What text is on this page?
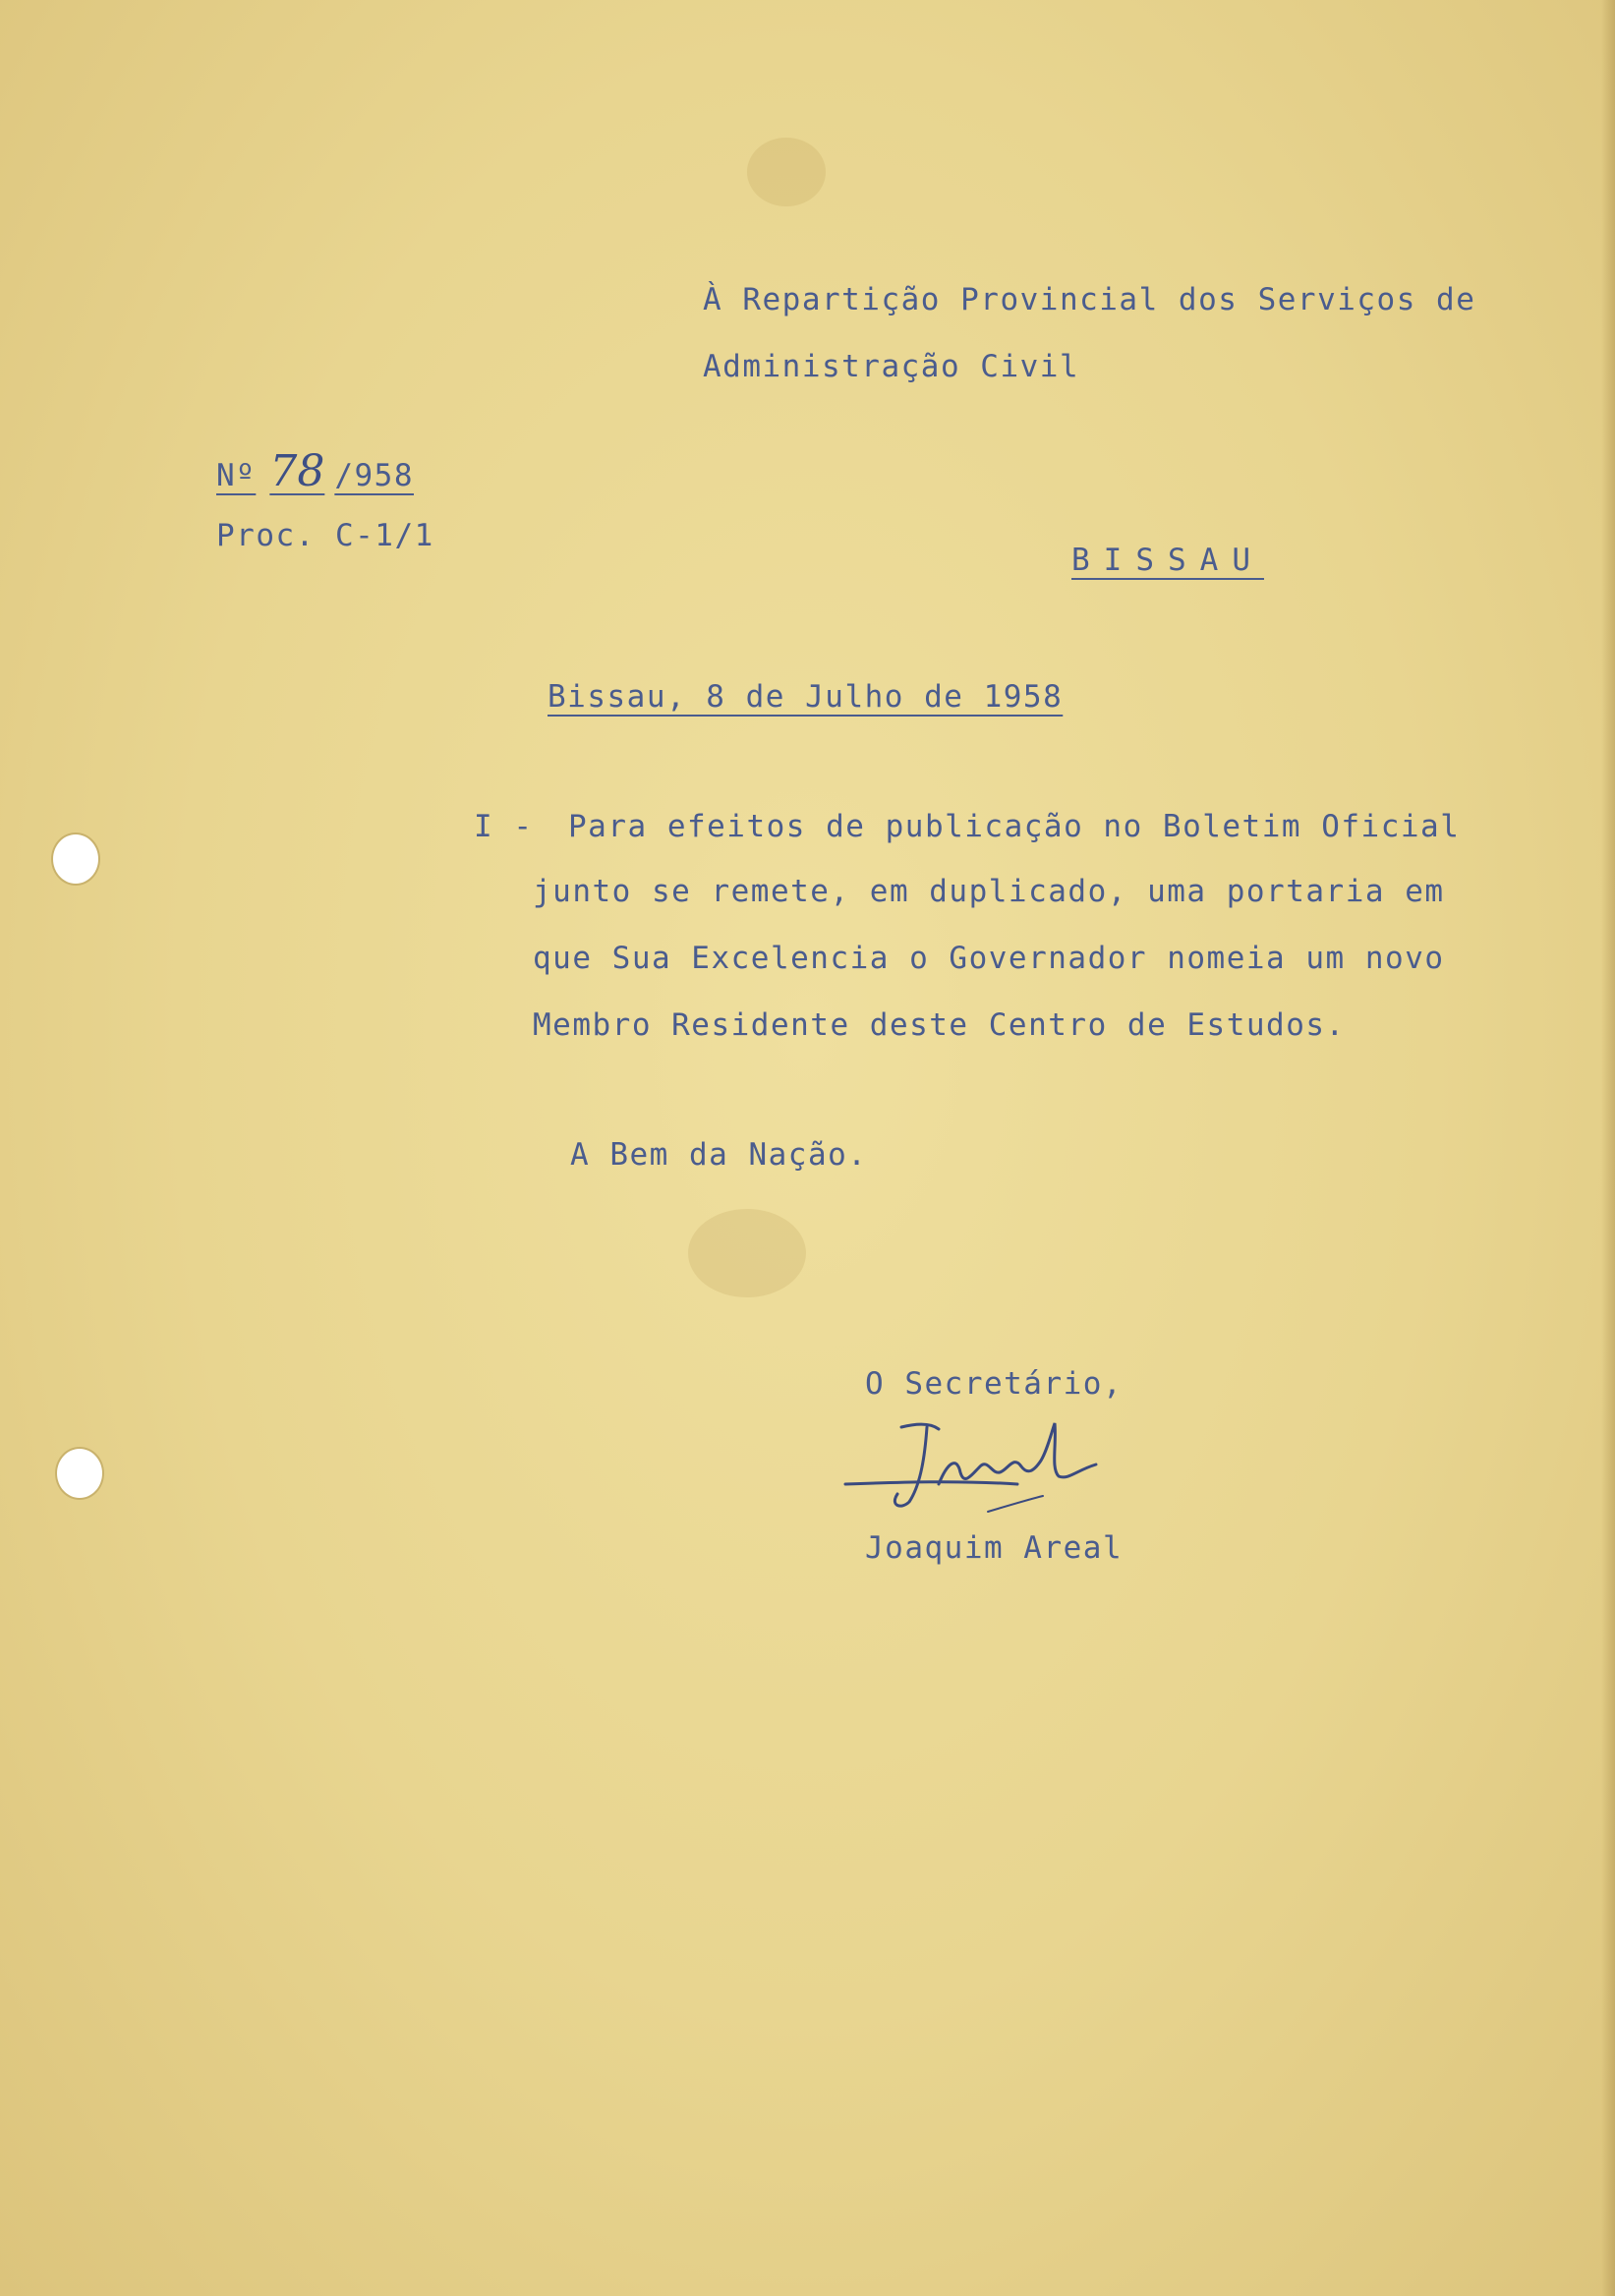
À Repartição Provincial dos Serviços de
Administração Civil
Nº 78 /958
Proc. C-1/1
BISSAU
Bissau, 8 de Julho de 1958
I - Para efeitos de publicação no Boletim Oficial
junto se remete, em duplicado, uma portaria em
que Sua Excelencia o Governador nomeia um novo
Membro Residente deste Centro de Estudos.
A Bem da Nação.
O Secretário,
Joaquim Areal
